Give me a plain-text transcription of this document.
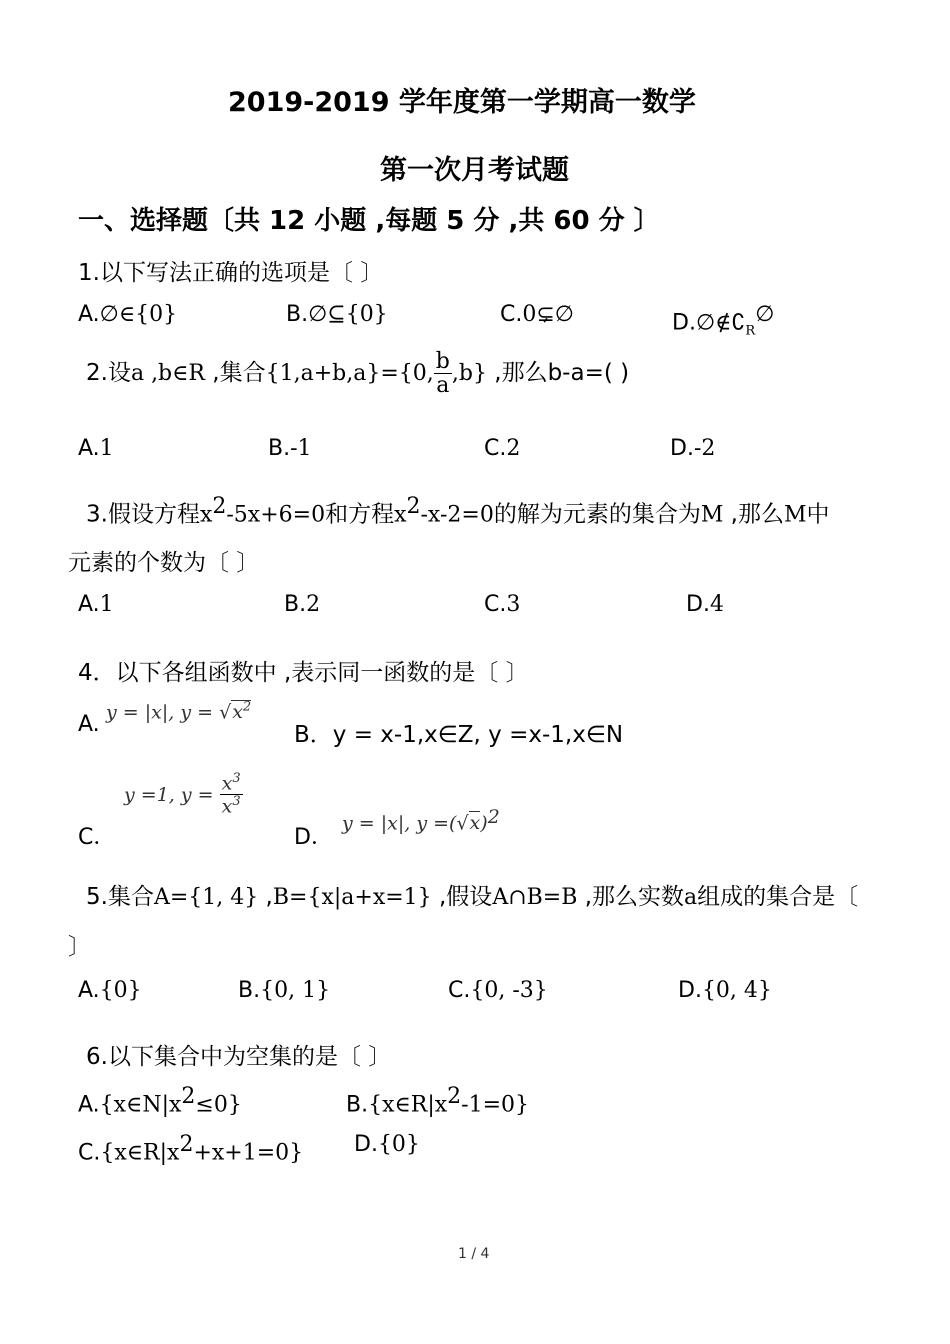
2019-2019 学年度第一学期高一数学
第一次月考试题
一、选择题〔共 12 小题 ,每题 5 分 ,共 60 分 〕
1.以下写法正确的选项是〔 〕
A.∅∈{0}	B.∅⊆{0}	C.0⊊∅	$D.\emptyset\notin∁_R^\emptyset$
2.设a ,b∈R ,集合{1,a+b,a}={0, $\frac{b}{a} ,b$} ,那么b-a=( )
A.1	B.-1	C.2	D.-2
3.假设方程$x^2-5x+6=0$和方程$x^2-x-2=0$的解为元素的集合为M ,那么M中
元素的个数为〔 〕
A.1	B.2	C.3	D.4
4．以下各组函数中 ,表示同一函数的是〔 〕
A. y = |x|, $y = √x^2$
B．y = x-1,x∈Z, y =x-1,x∈N
C．
y =1, $y = \frac{x^3}{x^3}$
D．
y = |x|, $y =(√x)^2$
5.集合A={1, 4} ,B={x|a+x=1} ,假设A∩B=B ,那么实数a组成的集合是〔
〕
A.{0}	B.{0, 1}	C.{0, -3}	D.{0, 4}
6.以下集合中为空集的是〔 〕
$A.\{x\in N|x^2\le 0\}$	$B.\{x\in R|x^2-1=0\}$
$C.\{x\in R|x^2+x+1=0\}$ D.{0}
1 / 4
